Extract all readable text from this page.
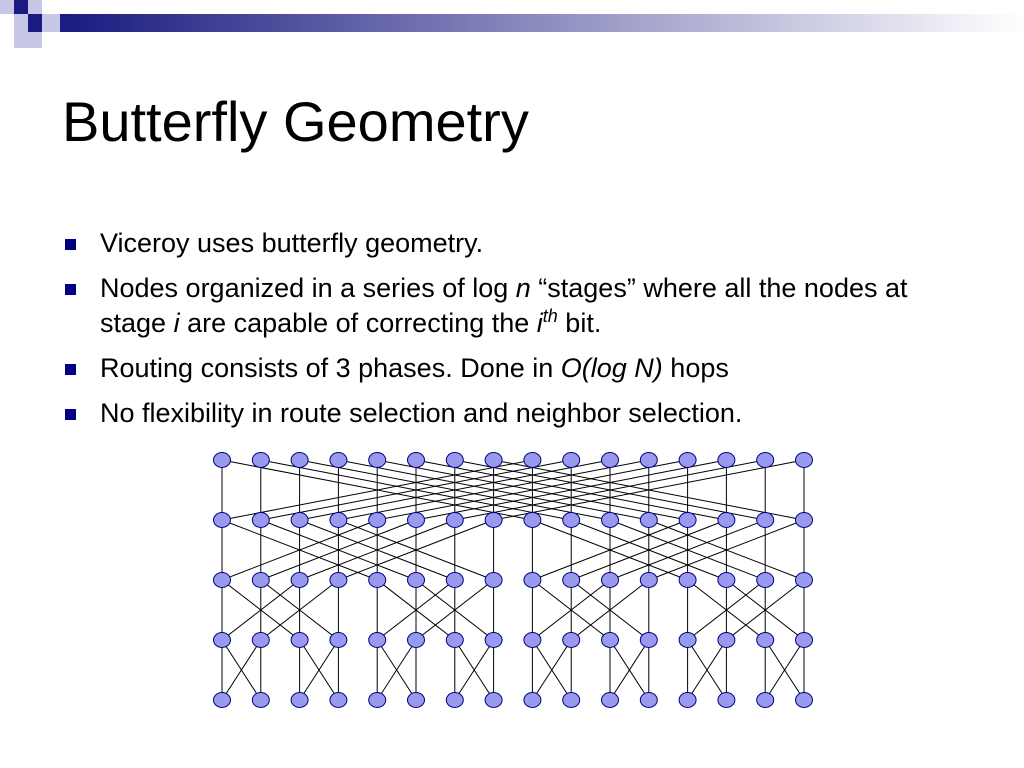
Butterfly Geometry
Viceroy uses butterfly geometry.
Nodes organized in a series of log n “stages” where all the nodes at stage i are capable of correcting the $i^{th}$ bit.
Routing consists of 3 phases. Done in O(log N) hops
No flexibility in route selection and neighbor selection.
